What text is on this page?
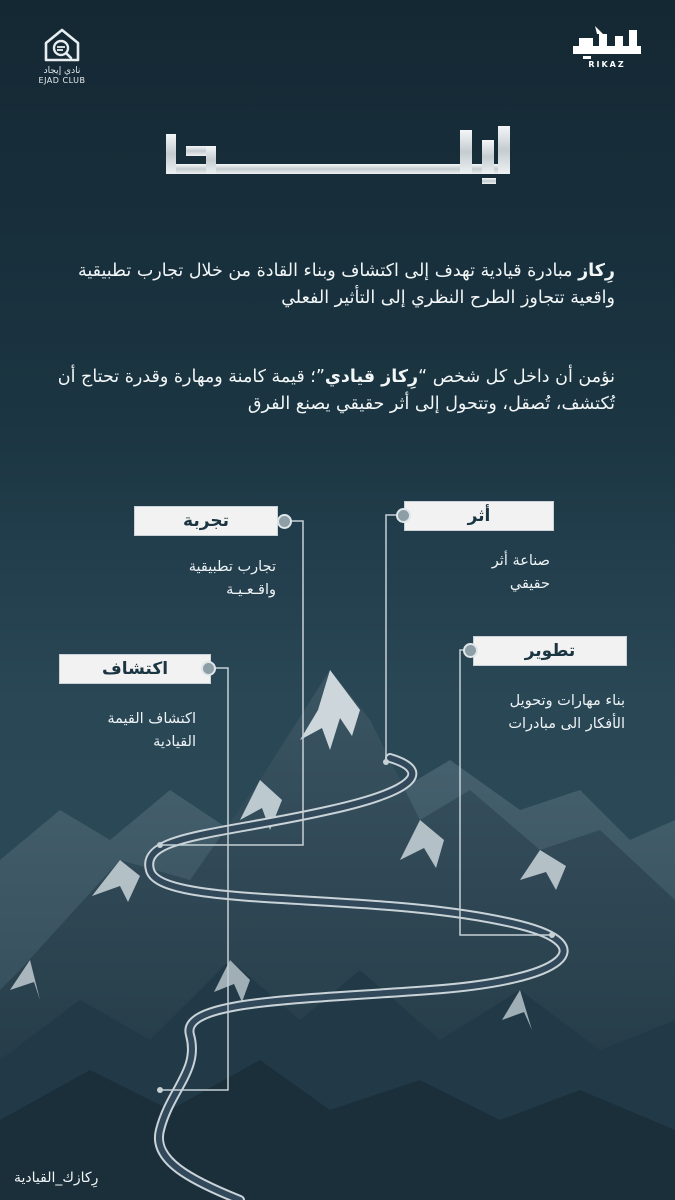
نادي إيجاد
EJAD CLUB
RIKAZ
رِكاز مبادرة قيادية تهدف إلى اكتشاف وبناء القادة من خلال تجارب تطبيقية واقعية تتجاوز الطرح النظري إلى التأثير الفعلي
نؤمن أن داخل كل شخص “رِكاز قيادي”؛ قيمة كامنة ومهارة وقدرة تحتاج أن تُكتشف، تُصقل، وتتحول إلى أثر حقيقي يصنع الفرق
تجربة
تجارب تطبيقية
واقـعـيـة
أثر
صناعة أثر
حقيقي
اكتشاف
اكتشاف القيمة
القيادية
تطوير
بناء مهارات وتحويل
الأفكار الى مبادرات
رِكازك_القيادية
